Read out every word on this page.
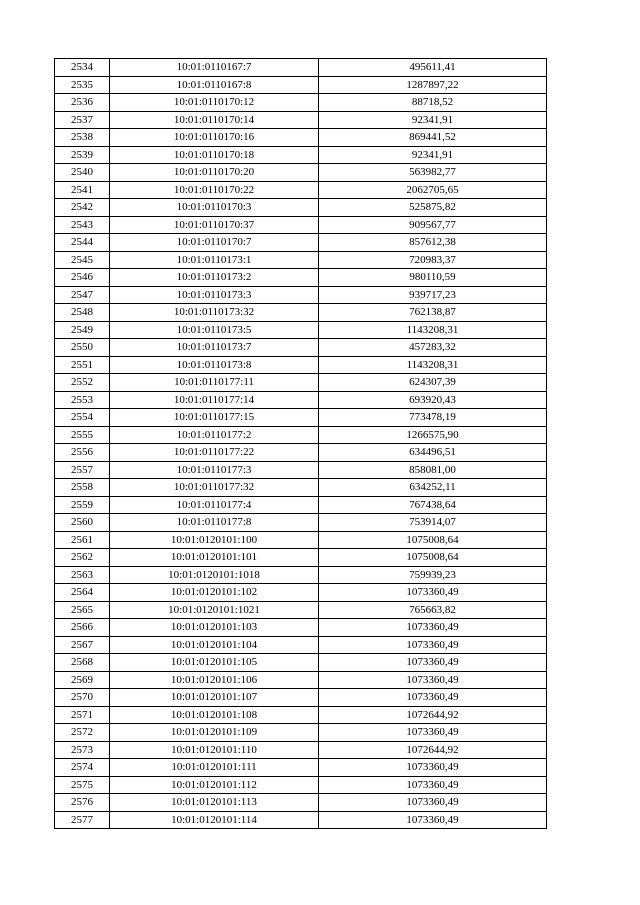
2534	10:01:0110167:7	495611,41
2535	10:01:0110167:8	1287897,22
2536	10:01:0110170:12	88718,52
2537	10:01:0110170:14	92341,91
2538	10:01:0110170:16	869441,52
2539	10:01:0110170:18	92341,91
2540	10:01:0110170:20	563982,77
2541	10:01:0110170:22	2062705,65
2542	10:01:0110170:3	525875,82
2543	10:01:0110170:37	909567,77
2544	10:01:0110170:7	857612,38
2545	10:01:0110173:1	720983,37
2546	10:01:0110173:2	980110,59
2547	10:01:0110173:3	939717,23
2548	10:01:0110173:32	762138,87
2549	10:01:0110173:5	1143208,31
2550	10:01:0110173:7	457283,32
2551	10:01:0110173:8	1143208,31
2552	10:01:0110177:11	624307,39
2553	10:01:0110177:14	693920,43
2554	10:01:0110177:15	773478,19
2555	10:01:0110177:2	1266575,90
2556	10:01:0110177:22	634496,51
2557	10:01:0110177:3	858081,00
2558	10:01:0110177:32	634252,11
2559	10:01:0110177:4	767438,64
2560	10:01:0110177:8	753914,07
2561	10:01:0120101:100	1075008,64
2562	10:01:0120101:101	1075008,64
2563	10:01:0120101:1018	759939,23
2564	10:01:0120101:102	1073360,49
2565	10:01:0120101:1021	765663,82
2566	10:01:0120101:103	1073360,49
2567	10:01:0120101:104	1073360,49
2568	10:01:0120101:105	1073360,49
2569	10:01:0120101:106	1073360,49
2570	10:01:0120101:107	1073360,49
2571	10:01:0120101:108	1072644,92
2572	10:01:0120101:109	1073360,49
2573	10:01:0120101:110	1072644,92
2574	10:01:0120101:111	1073360,49
2575	10:01:0120101:112	1073360,49
2576	10:01:0120101:113	1073360,49
2577	10:01:0120101:114	1073360,49
